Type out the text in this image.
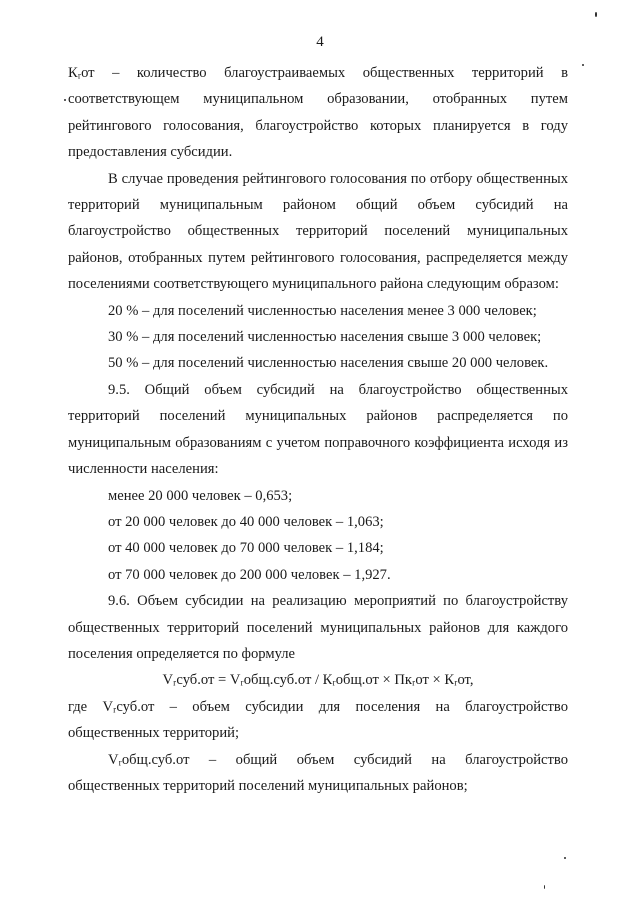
4

Кᵣот – количество благоустраиваемых общественных территорий в соответствующем муниципальном образовании, отобранных путем рейтингового голосования, благоустройство которых планируется в году предоставления субсидии.

В случае проведения рейтингового голосования по отбору общественных территорий муниципальным районом общий объем субсидий на благоустройство общественных территорий поселений муниципальных районов, отобранных путем рейтингового голосования, распределяется между поселениями соответствующего муниципального района следующим образом:

20 % – для поселений численностью населения менее 3 000 человек;

30 % – для поселений численностью населения свыше 3 000 человек;

50 % – для поселений численностью населения свыше 20 000 человек.

9.5. Общий объем субсидий на благоустройство общественных территорий поселений муниципальных районов распределяется по муниципальным образованиям с учетом поправочного коэффициента исходя из численности населения:

менее 20 000 человек – 0,653;

от 20 000 человек до 40 000 человек – 1,063;

от 40 000 человек до 70 000 человек – 1,184;

от 70 000 человек до 200 000 человек – 1,927.

9.6. Объем субсидии на реализацию мероприятий по благоустройству общественных территорий поселений муниципальных районов для каждого поселения определяется по формуле

Vᵣсуб.от = Vᵣобщ.суб.от / Кᵣобщ.от × Пкᵣот × Кᵣот,

где Vᵣсуб.от – объем субсидии для поселения на благоустройство общественных территорий;

Vᵣобщ.суб.от – общий объем субсидий на благоустройство общественных территорий поселений муниципальных районов;
